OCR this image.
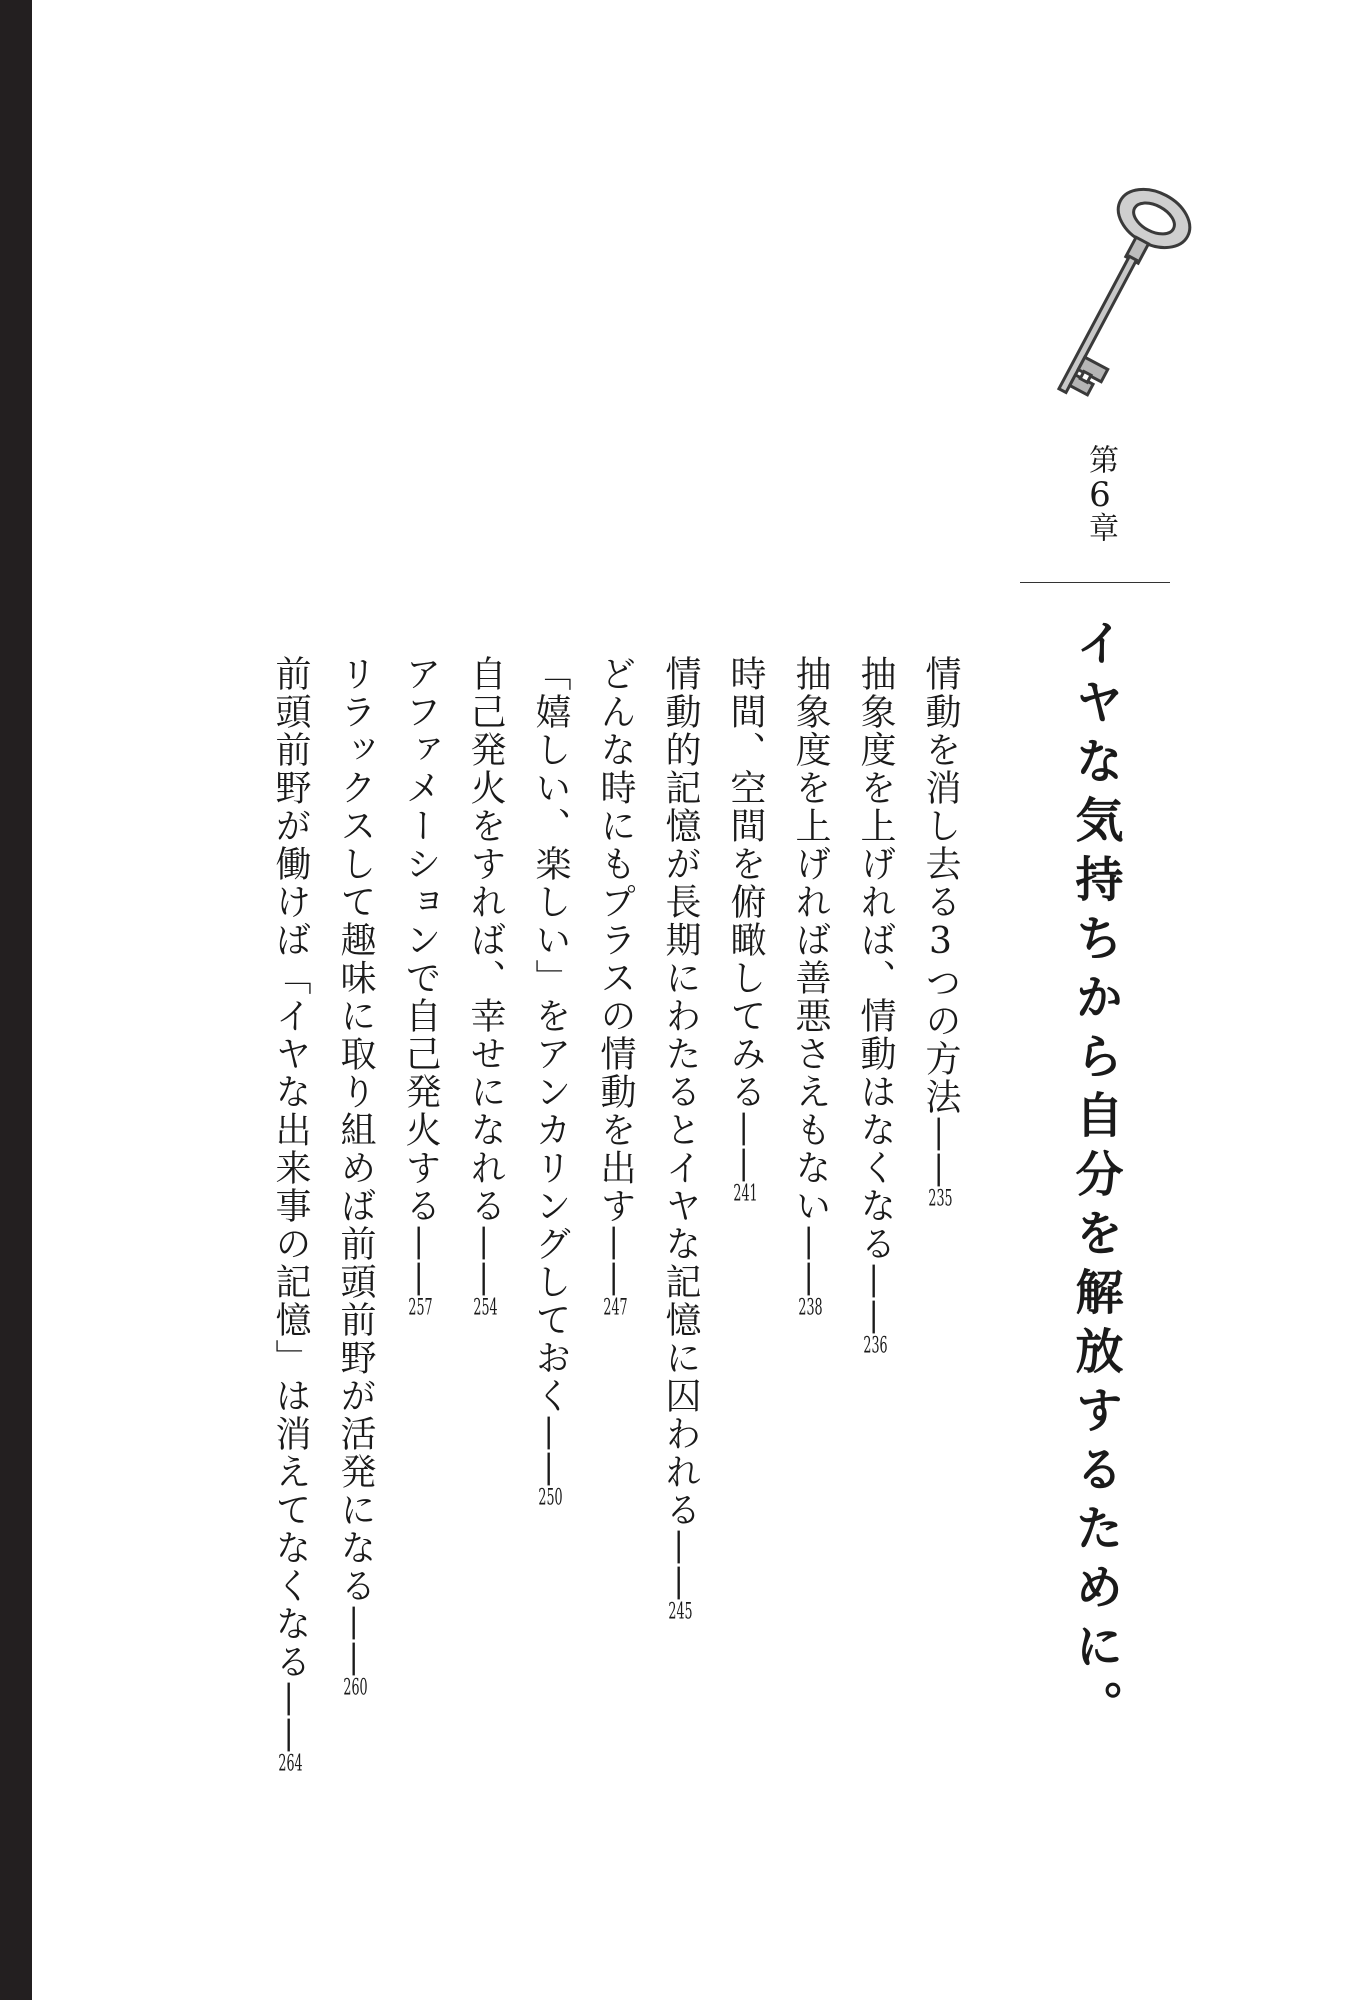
第6章
イヤな気持ちから自分を解放するために。
情動を消し去る3つの方法——235
抽象度を上げれば、情動はなくなる——236
抽象度を上げれば善悪さえもない——238
時間、空間を俯瞰してみる——241
情動的記憶が長期にわたるとイヤな記憶に囚われる——245
どんな時にもプラスの情動を出す——247
「嬉しい、楽しい」をアンカリングしておく——250
自己発火をすれば、幸せになれる——254
アファメーションで自己発火する——257
リラックスして趣味に取り組めば前頭前野が活発になる——260
前頭前野が働けば「イヤな出来事の記憶」は消えてなくなる——264
